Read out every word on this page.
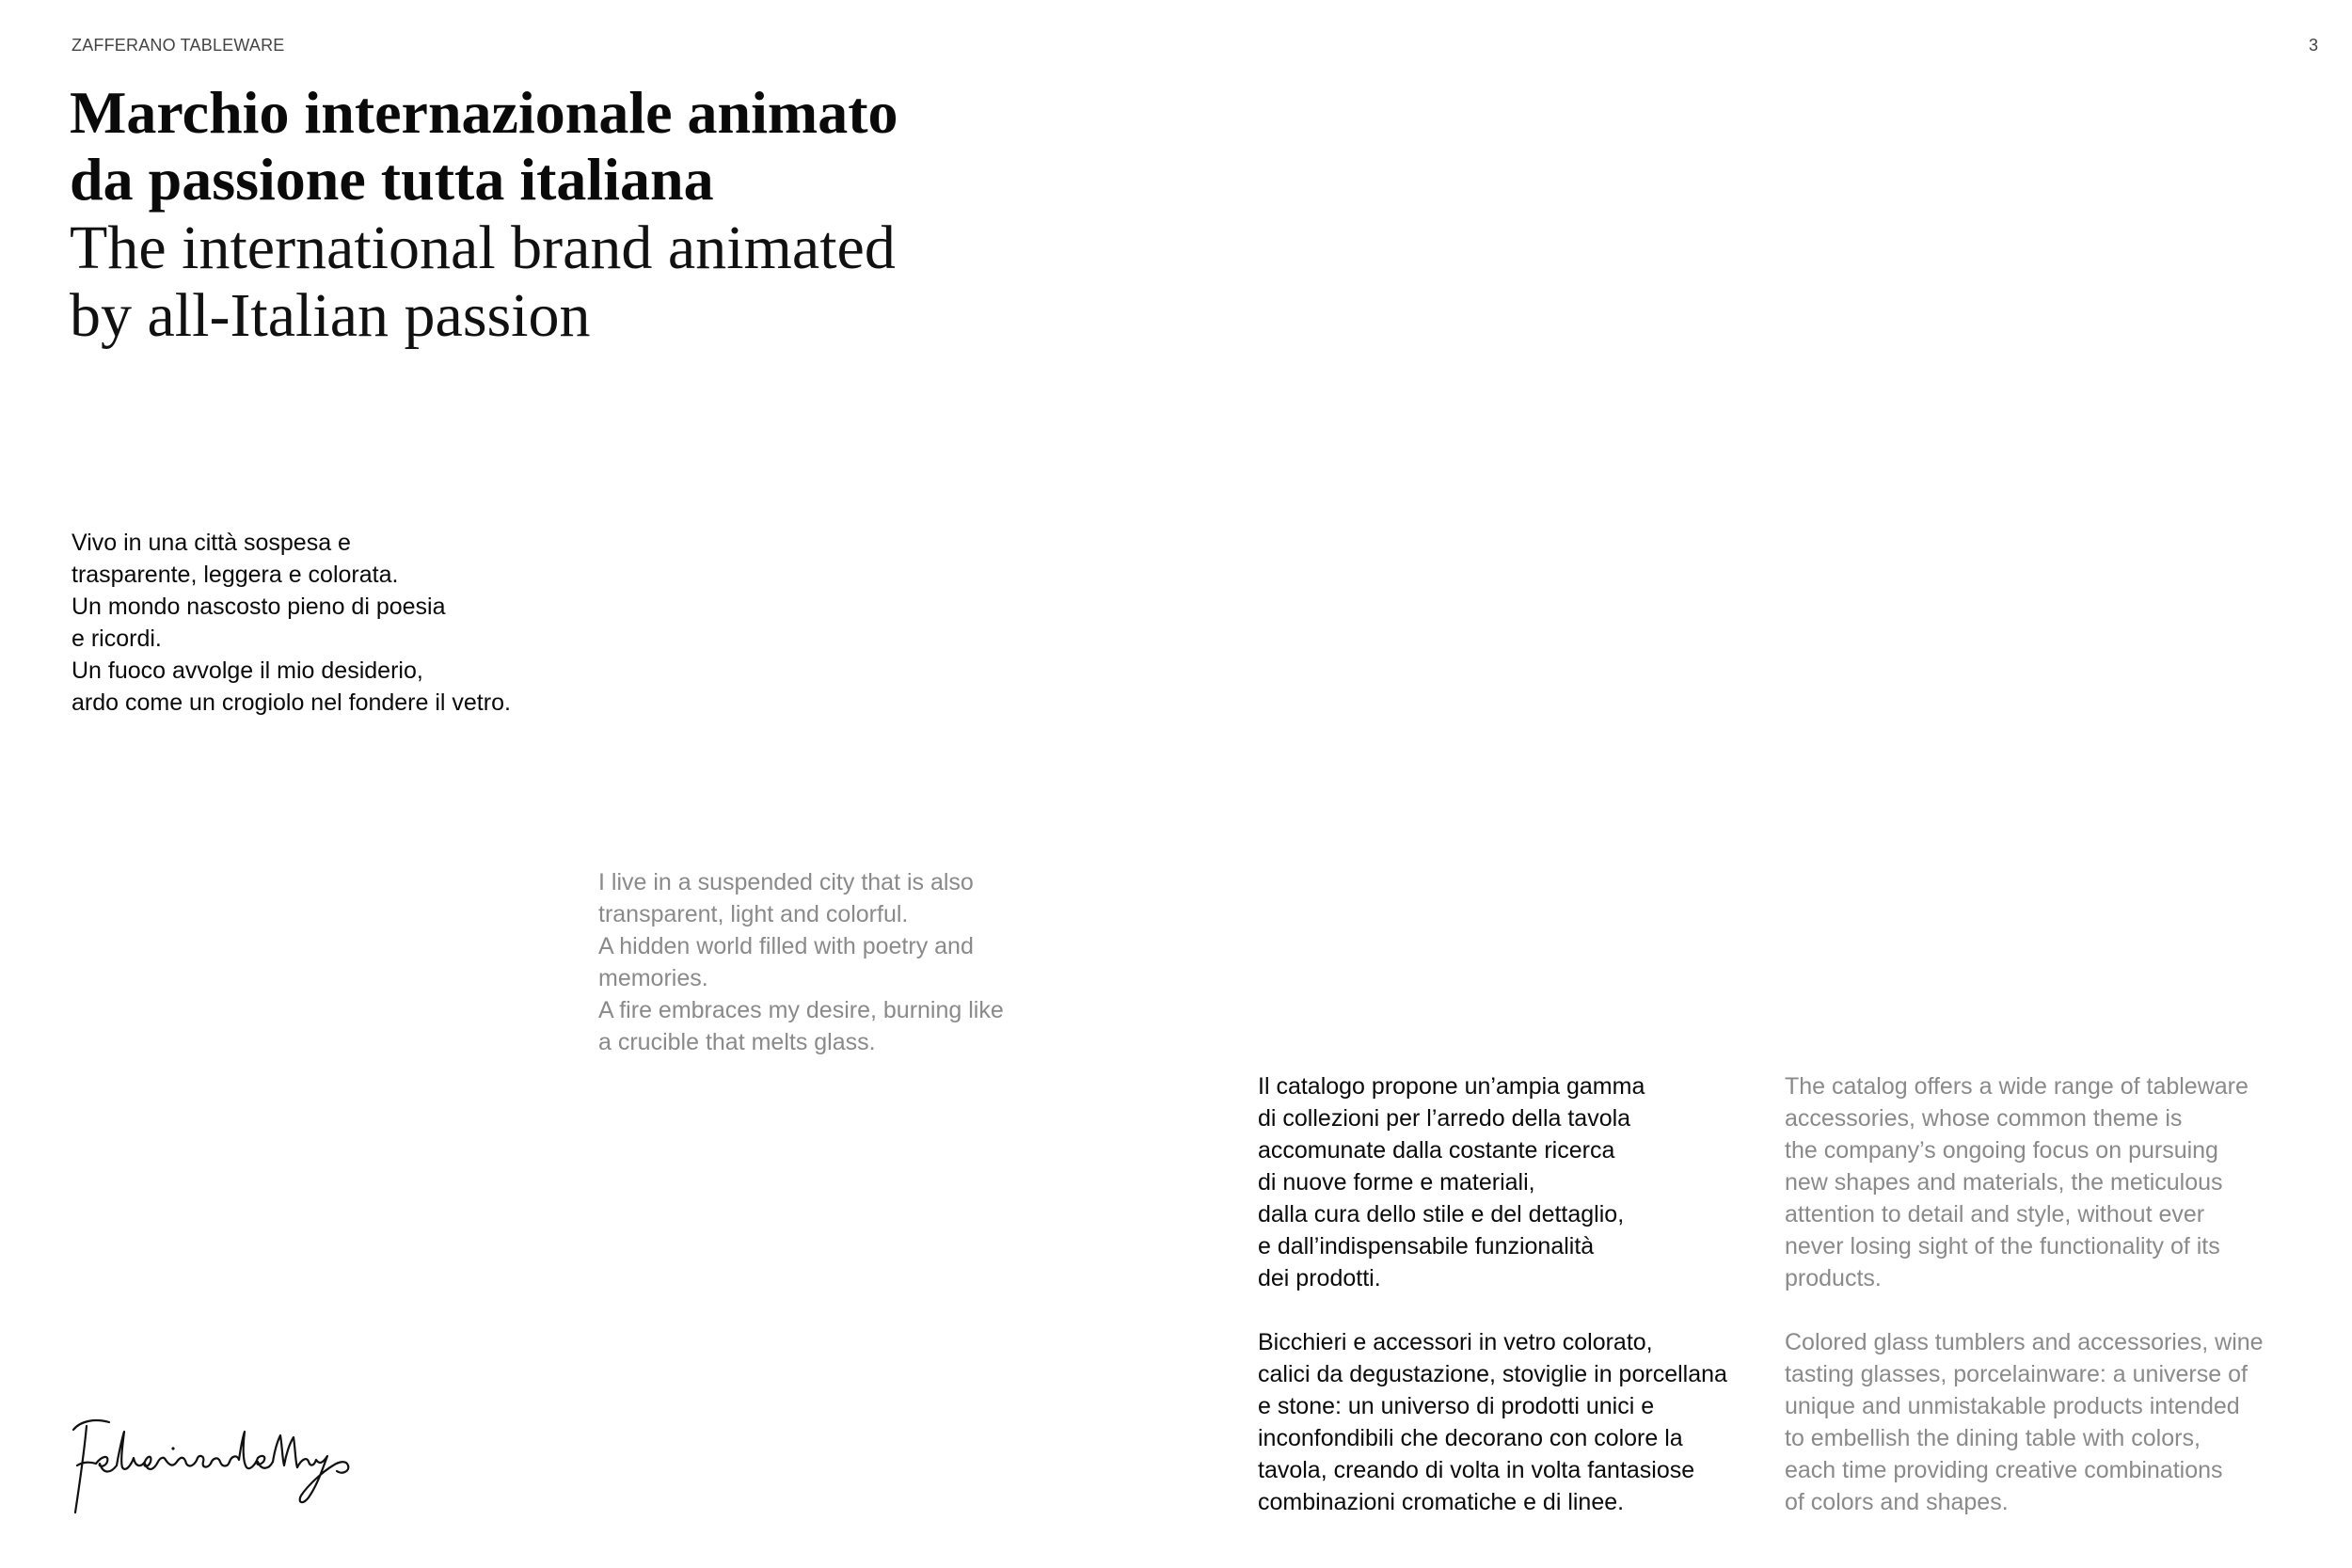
ZAFFERANO TABLEWARE	3
Marchio internazionale animato
da passione tutta italiana
The international brand animated
by all-Italian passion
Vivo in una città sospesa e
trasparente, leggera e colorata.
Un mondo nascosto pieno di poesia
e ricordi.
Un fuoco avvolge il mio desiderio,
ardo come un crogiolo nel fondere il vetro.
I live in a suspended city that is also
transparent, light and colorful.
A hidden world filled with poetry and
memories.
A fire embraces my desire, burning like
a crucible that melts glass.
Il catalogo propone un’ampia gamma
di collezioni per l’arredo della tavola
accomunate dalla costante ricerca
di nuove forme e materiali,
dalla cura dello stile e del dettaglio,
e dall’indispensabile funzionalità
dei prodotti.
Bicchieri e accessori in vetro colorato,
calici da degustazione, stoviglie in porcellana
e stone: un universo di prodotti unici e
inconfondibili che decorano con colore la
tavola, creando di volta in volta fantasiose
combinazioni cromatiche e di linee.
The catalog offers a wide range of tableware
accessories, whose common theme is
the company’s ongoing focus on pursuing
new shapes and materials, the meticulous
attention to detail and style, without ever
never losing sight of the functionality of its
products.
Colored glass tumblers and accessories, wine
tasting glasses, porcelainware: a universe of
unique and unmistakable products intended
to embellish the dining table with colors,
each time providing creative combinations
of colors and shapes.
